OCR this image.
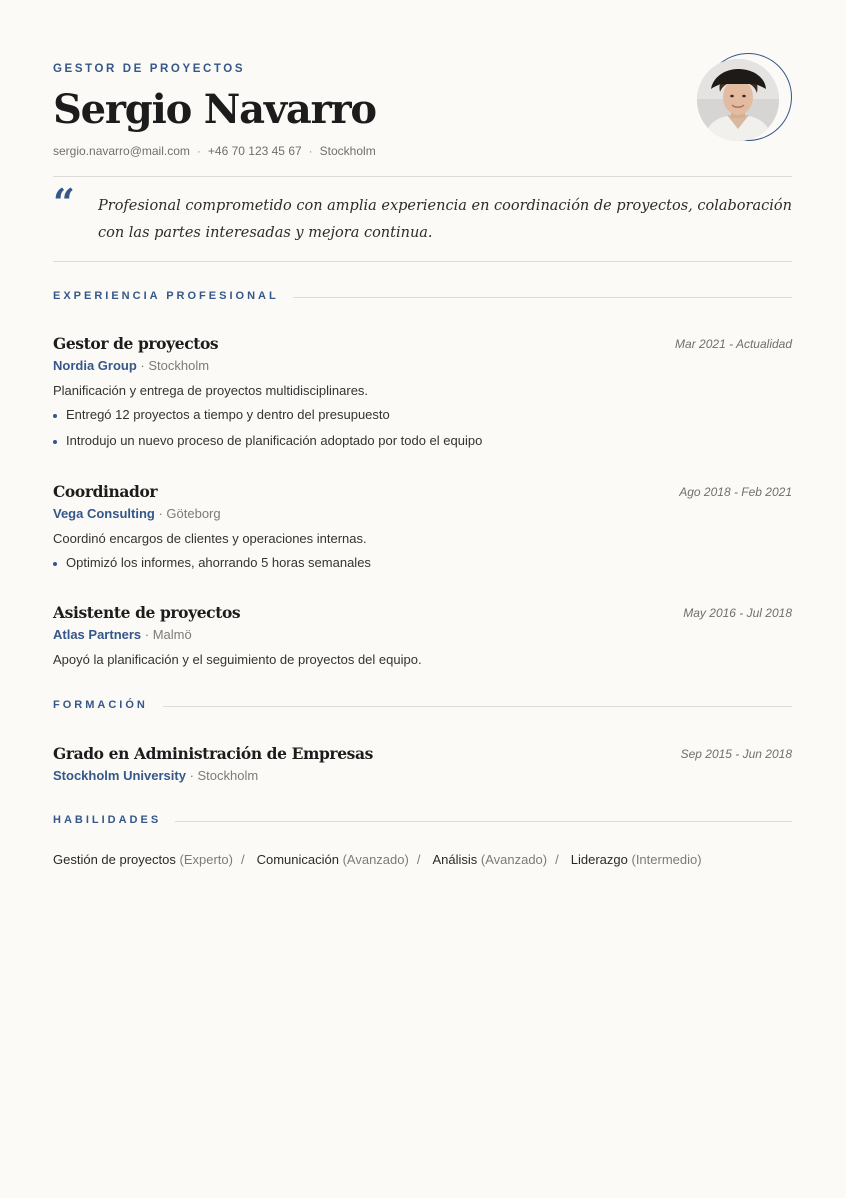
GESTOR DE PROYECTOS
Sergio Navarro
sergio.navarro@mail.com · +46 70 123 45 67 · Stockholm
“ Profesional comprometido con amplia experiencia en coordinación de proyectos, colaboración con las partes interesadas y mejora continua.
EXPERIENCIA PROFESIONAL
Gestor de proyectos	Mar 2021 - Actualidad
Nordia Group · Stockholm
Planificación y entrega de proyectos multidisciplinares.
Entregó 12 proyectos a tiempo y dentro del presupuesto
Introdujo un nuevo proceso de planificación adoptado por todo el equipo
Coordinador	Ago 2018 - Feb 2021
Vega Consulting · Göteborg
Coordinó encargos de clientes y operaciones internas.
Optimizó los informes, ahorrando 5 horas semanales
Asistente de proyectos	May 2016 - Jul 2018
Atlas Partners · Malmö
Apoyó la planificación y el seguimiento de proyectos del equipo.
FORMACIÓN
Grado en Administración de Empresas	Sep 2015 - Jun 2018
Stockholm University · Stockholm
HABILIDADES
Gestión de proyectos (Experto) / Comunicación (Avanzado) / Análisis (Avanzado) / Liderazgo (Intermedio)
